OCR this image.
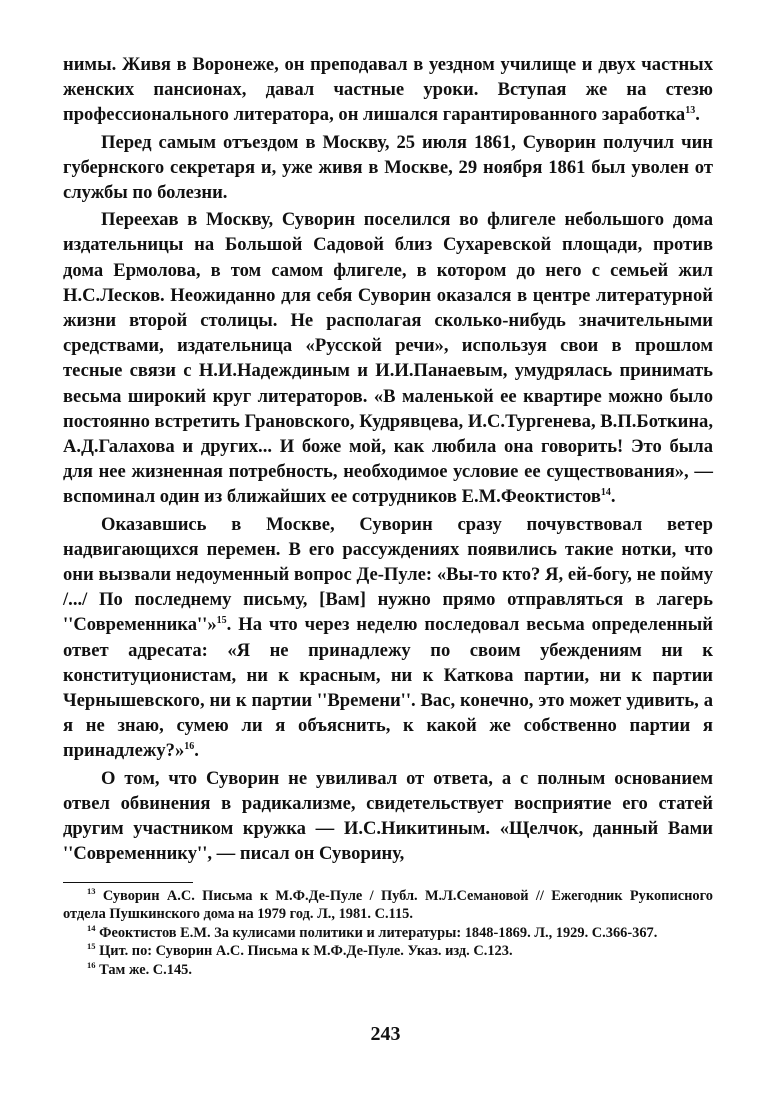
нимы. Живя в Воронеже, он преподавал в уездном училище и двух частных женских пансионах, давал частные уроки. Вступая же на стезю профессионального литератора, он лишался гарантированного заработка$^{13}$.

Перед самым отъездом в Москву, 25 июля 1861, Суворин получил чин губернского секретаря и, уже живя в Москве, 29 ноября 1861 был уволен от службы по болезни.

Переехав в Москву, Суворин поселился во флигеле небольшого дома издательницы на Большой Садовой близ Сухаревской площади, против дома Ермолова, в том самом флигеле, в котором до него с семьей жил Н.С.Лесков. Неожиданно для себя Суворин оказался в центре литературной жизни второй столицы. Не располагая сколько-нибудь значительными средствами, издательница «Русской речи», используя свои в прошлом тесные связи с Н.И.Надеждиным и И.И.Панаевым, умудрялась принимать весьма широкий круг литераторов. «В маленькой ее квартире можно было постоянно встретить Грановского, Кудрявцева, И.С.Тургенева, В.П.Боткина, А.Д.Галахова и других... И боже мой, как любила она говорить! Это была для нее жизненная потребность, необходимое условие ее существования», — вспоминал один из ближайших ее сотрудников Е.М.Феоктистов$^{14}$.

Оказавшись в Москве, Суворин сразу почувствовал ветер надвигающихся перемен. В его рассуждениях появились такие нотки, что они вызвали недоуменный вопрос Де-Пуле: «Вы-то кто? Я, ей-богу, не пойму /.../ По последнему письму, [Вам] нужно прямо отправляться в лагерь ''Современника''»$^{15}$. На что через неделю последовал весьма определенный ответ адресата: «Я не принадлежу по своим убеждениям ни к конституционистам, ни к красным, ни к Каткова партии, ни к партии Чернышевского, ни к партии ''Времени''. Вас, конечно, это может удивить, а я не знаю, сумею ли я объяснить, к какой же собственно партии я принадлежу?»$^{16}$.

О том, что Суворин не увиливал от ответа, а с полным основанием отвел обвинения в радикализме, свидетельствует восприятие его статей другим участником кружка — И.С.Никитиным. «Щелчок, данный Вами ''Современнику'', — писал он Суворину,

$^{13}$ Суворин А.С. Письма к М.Ф.Де-Пуле / Публ. М.Л.Семановой // Ежегодник Рукописного отдела Пушкинского дома на 1979 год. Л., 1981. С.115.

$^{14}$ Феоктистов Е.М. За кулисами политики и литературы: 1848-1869. Л., 1929. С.366-367.

$^{15}$ Цит. по: Суворин А.С. Письма к М.Ф.Де-Пуле. Указ. изд. С.123.

$^{16}$ Там же. С.145.

243
